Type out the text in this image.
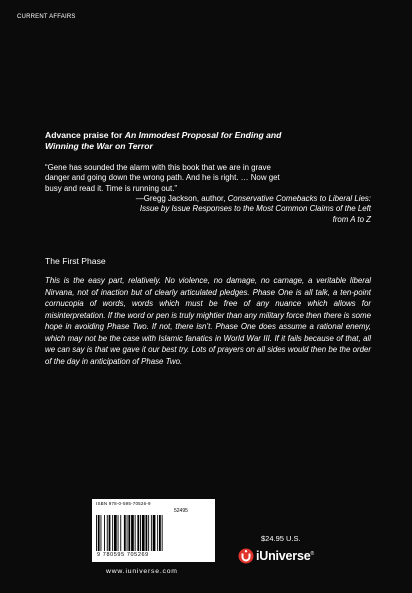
CURRENT AFFAIRS
Advance praise for An Immodest Proposal for Ending and
Winning the War on Terror
“Gene has sounded the alarm with this book that we are in grave
danger and going down the wrong path. And he is right. … Now get
busy and read it. Time is running out.”
—Gregg Jackson, author, Conservative Comebacks to Liberal Lies:
Issue by Issue Responses to the Most Common Claims of the Left
from A to Z
The First Phase
This is the easy part, relatively. No violence, no damage, no carnage, a veritable liberal Nirvana, not of inaction but of clearly articulated pledges. Phase One is all talk, a ten-point cornucopia of words, words which must be free of any nuance which allows for misinterpretation. If the word or pen is truly mightier than any military force then there is some hope in avoiding Phase Two. If not, there isn’t. Phase One does assume a rational enemy, which may not be the case with Islamic fanatics in World War III. If it fails because of that, all we can say is that we gave it our best try. Lots of prayers on all sides would then be the order of the day in anticipation of Phase Two.
ISBN 978-0-595-70526-9
52495
9 780595 705269
www.iuniverse.com
$24.95 U.S.
iUniverse®
